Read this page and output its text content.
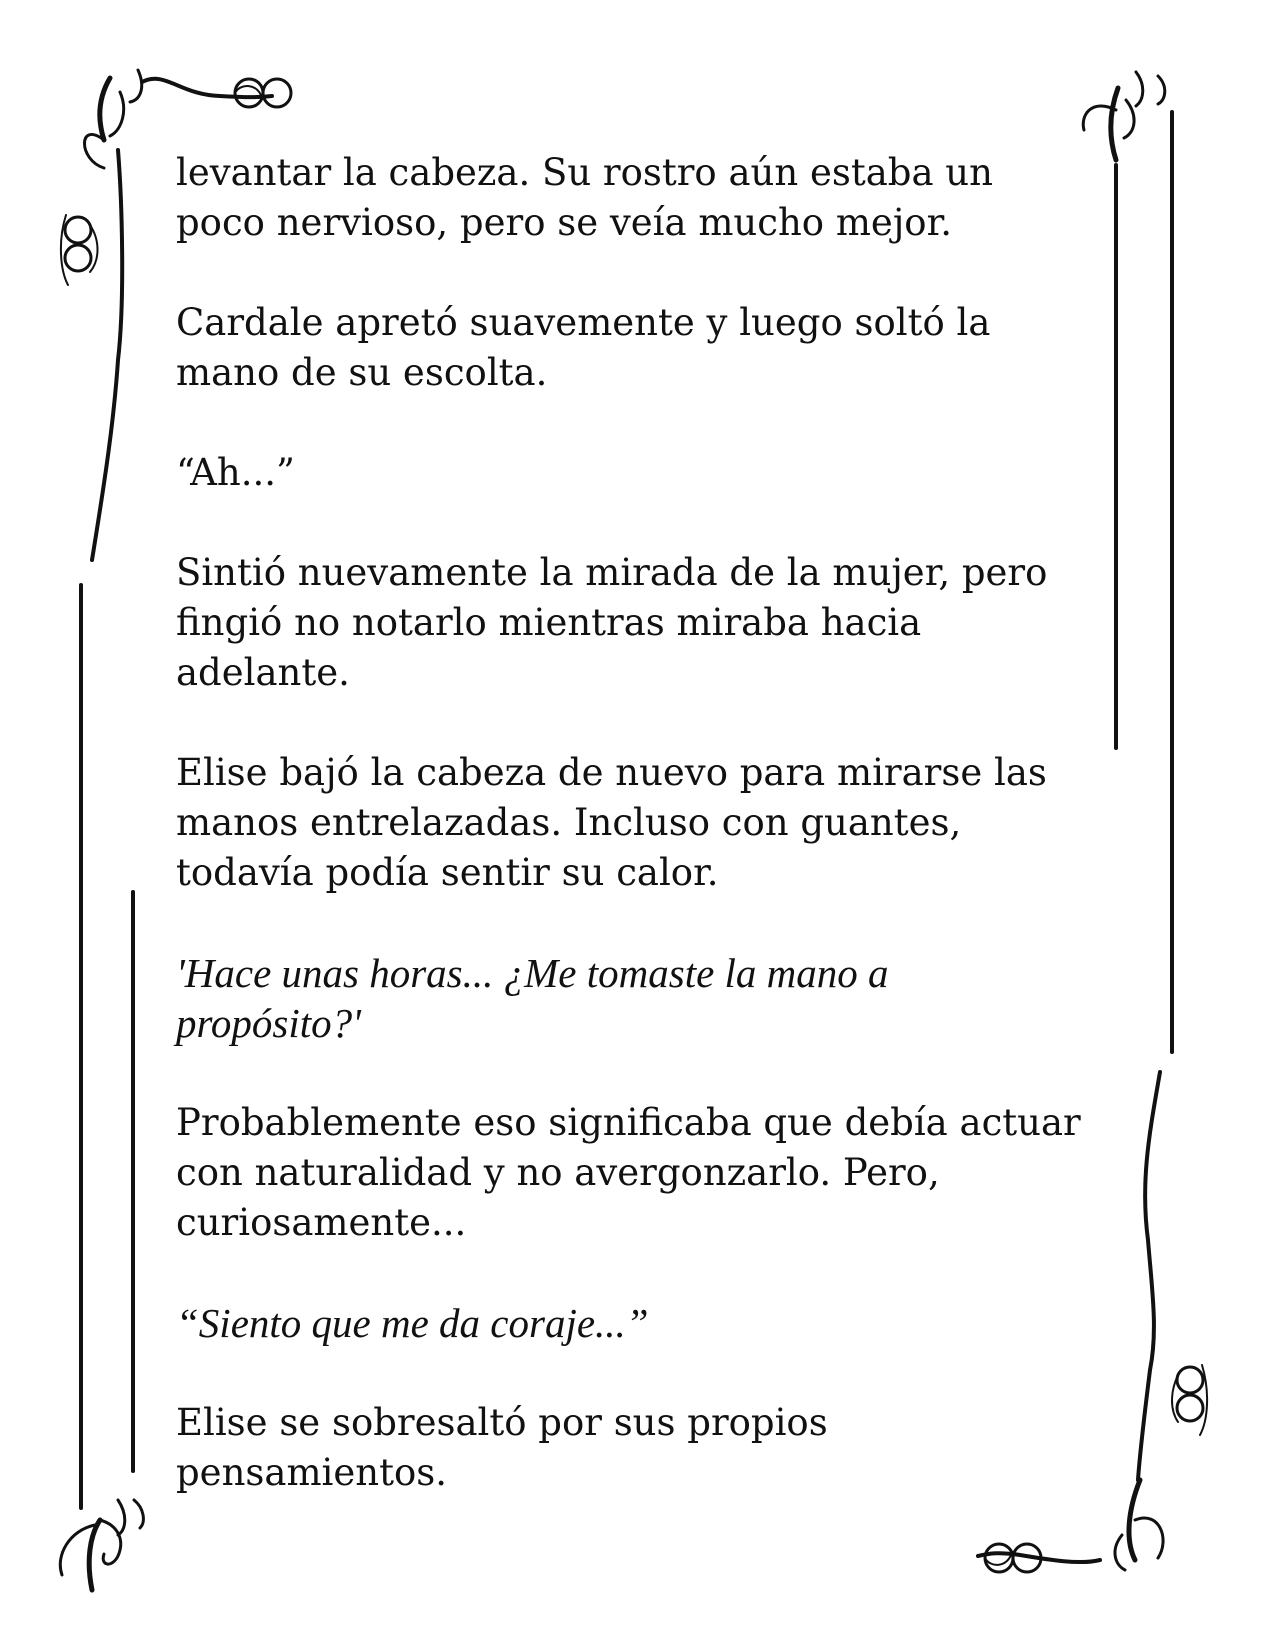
levantar la cabeza. Su rostro aún estaba un
poco nervioso, pero se veía mucho mejor.

Cardale apretó suavemente y luego soltó la
mano de su escolta.

“Ah...”

Sintió nuevamente la mirada de la mujer, pero
fingió no notarlo mientras miraba hacia
adelante.

Elise bajó la cabeza de nuevo para mirarse las
manos entrelazadas. Incluso con guantes,
todavía podía sentir su calor.

'Hace unas horas... ¿Me tomaste la mano a
propósito?'

Probablemente eso significaba que debía actuar
con naturalidad y no avergonzarlo. Pero,
curiosamente...

“Siento que me da coraje...”

Elise se sobresaltó por sus propios
pensamientos.
